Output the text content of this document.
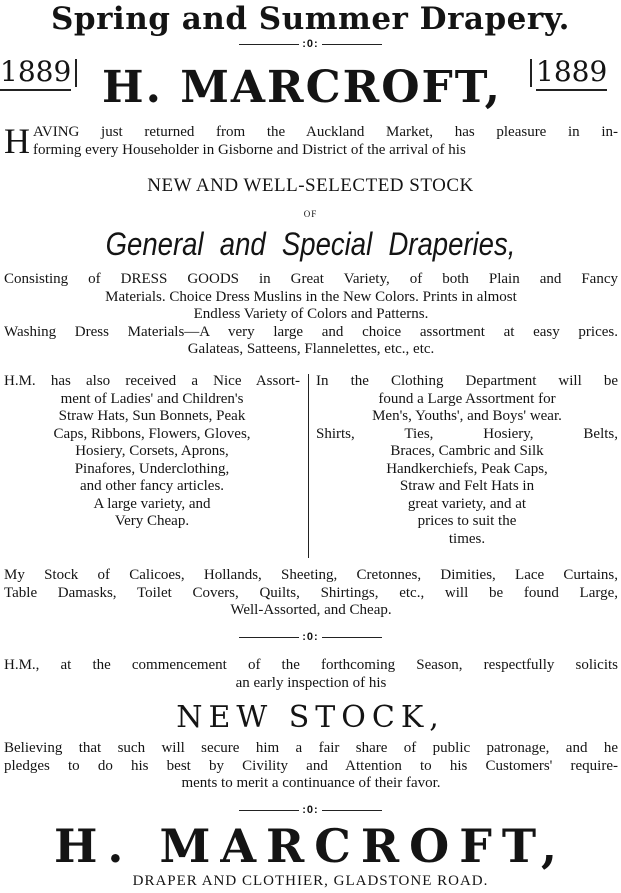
Spring and Summer Drapery.
:0:
1889 H. MARCROFT, 1889
H AVING just returned from the Auckland Market, has pleasure in in-
forming every Householder in Gisborne and District of the arrival of his
NEW AND WELL-SELECTED STOCK
OF
General and Special Draperies,
Consisting of DRESS GOODS in Great Variety, of both Plain and Fancy
Materials. Choice Dress Muslins in the New Colors. Prints in almost
Endless Variety of Colors and Patterns.
Washing Dress Materials—A very large and choice assortment at easy prices.
Galateas, Satteens, Flannelettes, etc., etc.
H.M. has also received a Nice Assort-
ment of Ladies' and Children's
Straw Hats, Sun Bonnets, Peak
Caps, Ribbons, Flowers, Gloves,
Hosiery, Corsets, Aprons,
Pinafores, Underclothing,
and other fancy articles.
A large variety, and
Very Cheap.
In the Clothing Department will be
found a Large Assortment for
Men's, Youths', and Boys' wear.
Shirts, Ties, Hosiery, Belts,
Braces, Cambric and Silk
Handkerchiefs, Peak Caps,
Straw and Felt Hats in
great variety, and at
prices to suit the
times.
My Stock of Calicoes, Hollands, Sheeting, Cretonnes, Dimities, Lace Curtains,
Table Damasks, Toilet Covers, Quilts, Shirtings, etc., will be found Large,
Well-Assorted, and Cheap.
:0:
H.M., at the commencement of the forthcoming Season, respectfully solicits
an early inspection of his
NEW STOCK,
Believing that such will secure him a fair share of public patronage, and he
pledges to do his best by Civility and Attention to his Customers' require-
ments to merit a continuance of their favor.
:0:
H. MARCROFT,
DRAPER AND CLOTHIER, GLADSTONE ROAD.
